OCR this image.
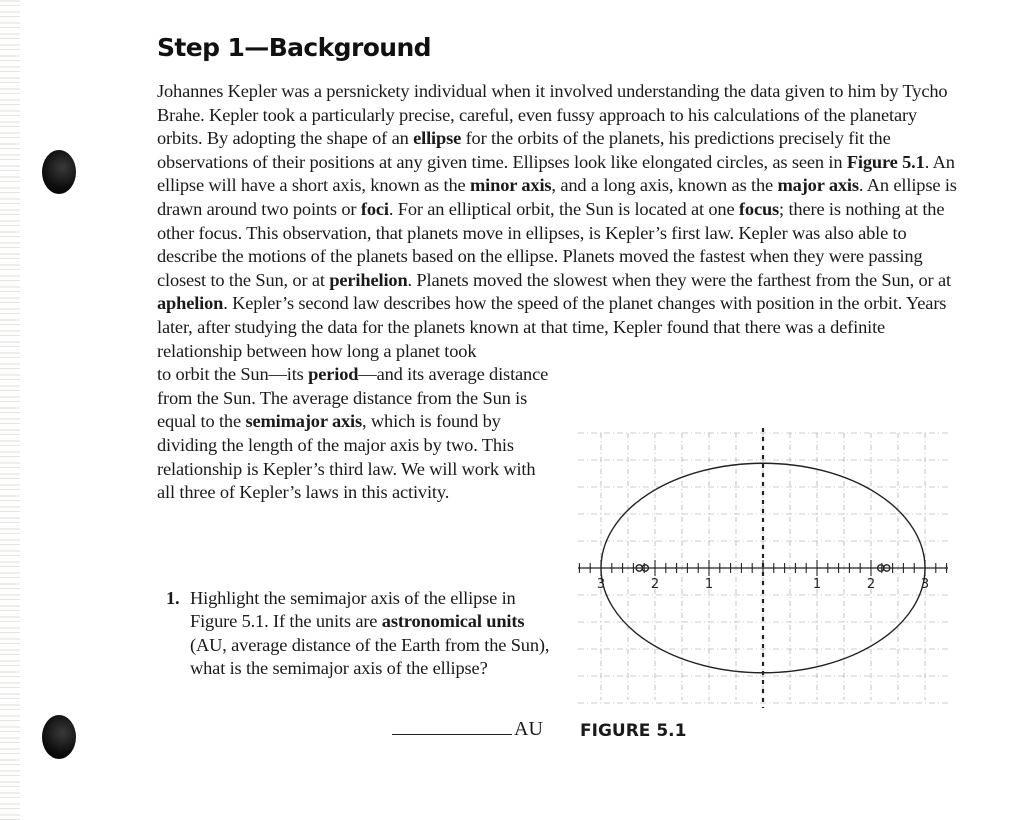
Step 1—Background

Johannes Kepler was a persnickety individual when it involved understanding the data given to him by Tycho Brahe. Kepler took a particularly precise, careful, even fussy approach to his calculations of the planetary orbits. By adopting the shape of an ellipse for the orbits of the planets, his predictions precisely fit the observations of their positions at any given time. Ellipses look like elongated circles, as seen in Figure 5.1. An ellipse will have a short axis, known as the minor axis, and a long axis, known as the major axis. An ellipse is drawn around two points or foci. For an elliptical orbit, the Sun is located at one focus; there is nothing at the other focus. This observation, that planets move in ellipses, is Kepler’s first law. Kepler was also able to describe the motions of the planets based on the ellipse. Planets moved the fastest when they were passing closest to the Sun, or at perihelion. Planets moved the slowest when they were the farthest from the Sun, or at aphelion. Kepler’s second law describes how the speed of the planet changes with position in the orbit. Years later, after studying the data for the planets known at that time, Kepler found that there was a definite relationship between how long a planet took
to orbit the Sun—its period—and its average distance from the Sun. The average distance from the Sun is equal to the semimajor axis, which is found by dividing the length of the major axis by two. This relationship is Kepler’s third law. We will work with all three of Kepler’s laws in this activity.

1. Highlight the semimajor axis of the ellipse in Figure 5.1. If the units are astronomical units (AU, average distance of the Earth from the Sun), what is the semimajor axis of the ellipse?
AU
3	2	1	1	2	3

FIGURE 5.1
